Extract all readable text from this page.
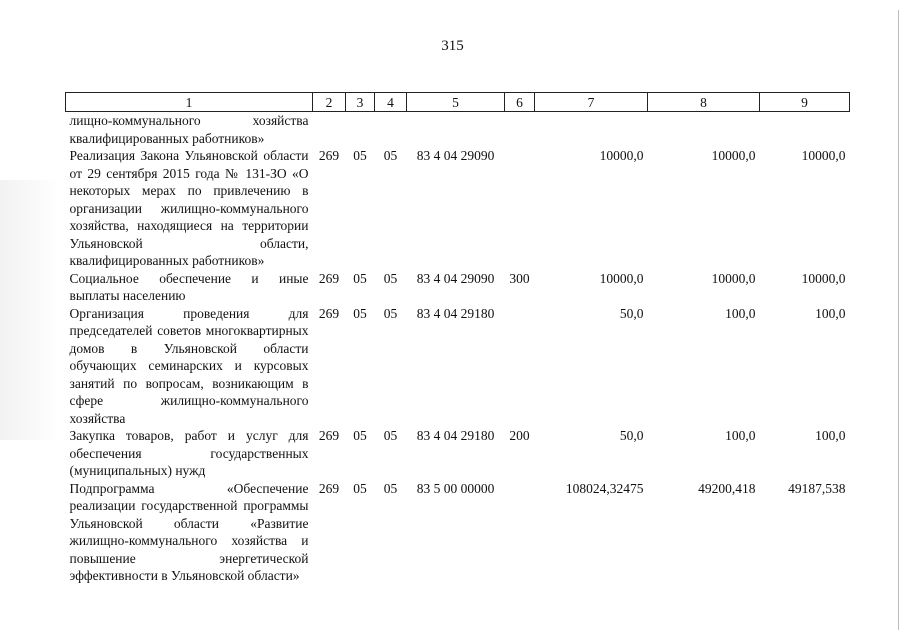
315
1	2	3	4	5	6	7	8	9
лищно-коммунального хозяйства квалифицированных работников»								
Реализация Закона Ульяновской области от 29 сентября 2015 года № 131-ЗО «О некоторых мерах по привлечению в организации жилищно-коммунального хозяйства, находящиеся на территории Ульяновской области, квалифицированных работников»	269	05	05	83 4 04 29090		10000,0	10000,0	10000,0
Социальное обеспечение и иные выплаты населению	269	05	05	83 4 04 29090	300	10000,0	10000,0	10000,0
Организация проведения для председателей советов многоквартирных домов в Ульяновской области обучающих семинарских и курсовых занятий по вопросам, возникающим в сфере жилищно-коммунального хозяйства	269	05	05	83 4 04 29180		50,0	100,0	100,0
Закупка товаров, работ и услуг для обеспечения государственных (муниципальных) нужд	269	05	05	83 4 04 29180	200	50,0	100,0	100,0
Подпрограмма «Обеспечение реализации государственной программы Ульяновской области «Развитие жилищно-коммунального хозяйства и повышение энергетической эффективности в Ульяновской области»	269	05	05	83 5 00 00000		108024,32475	49200,418	49187,538
